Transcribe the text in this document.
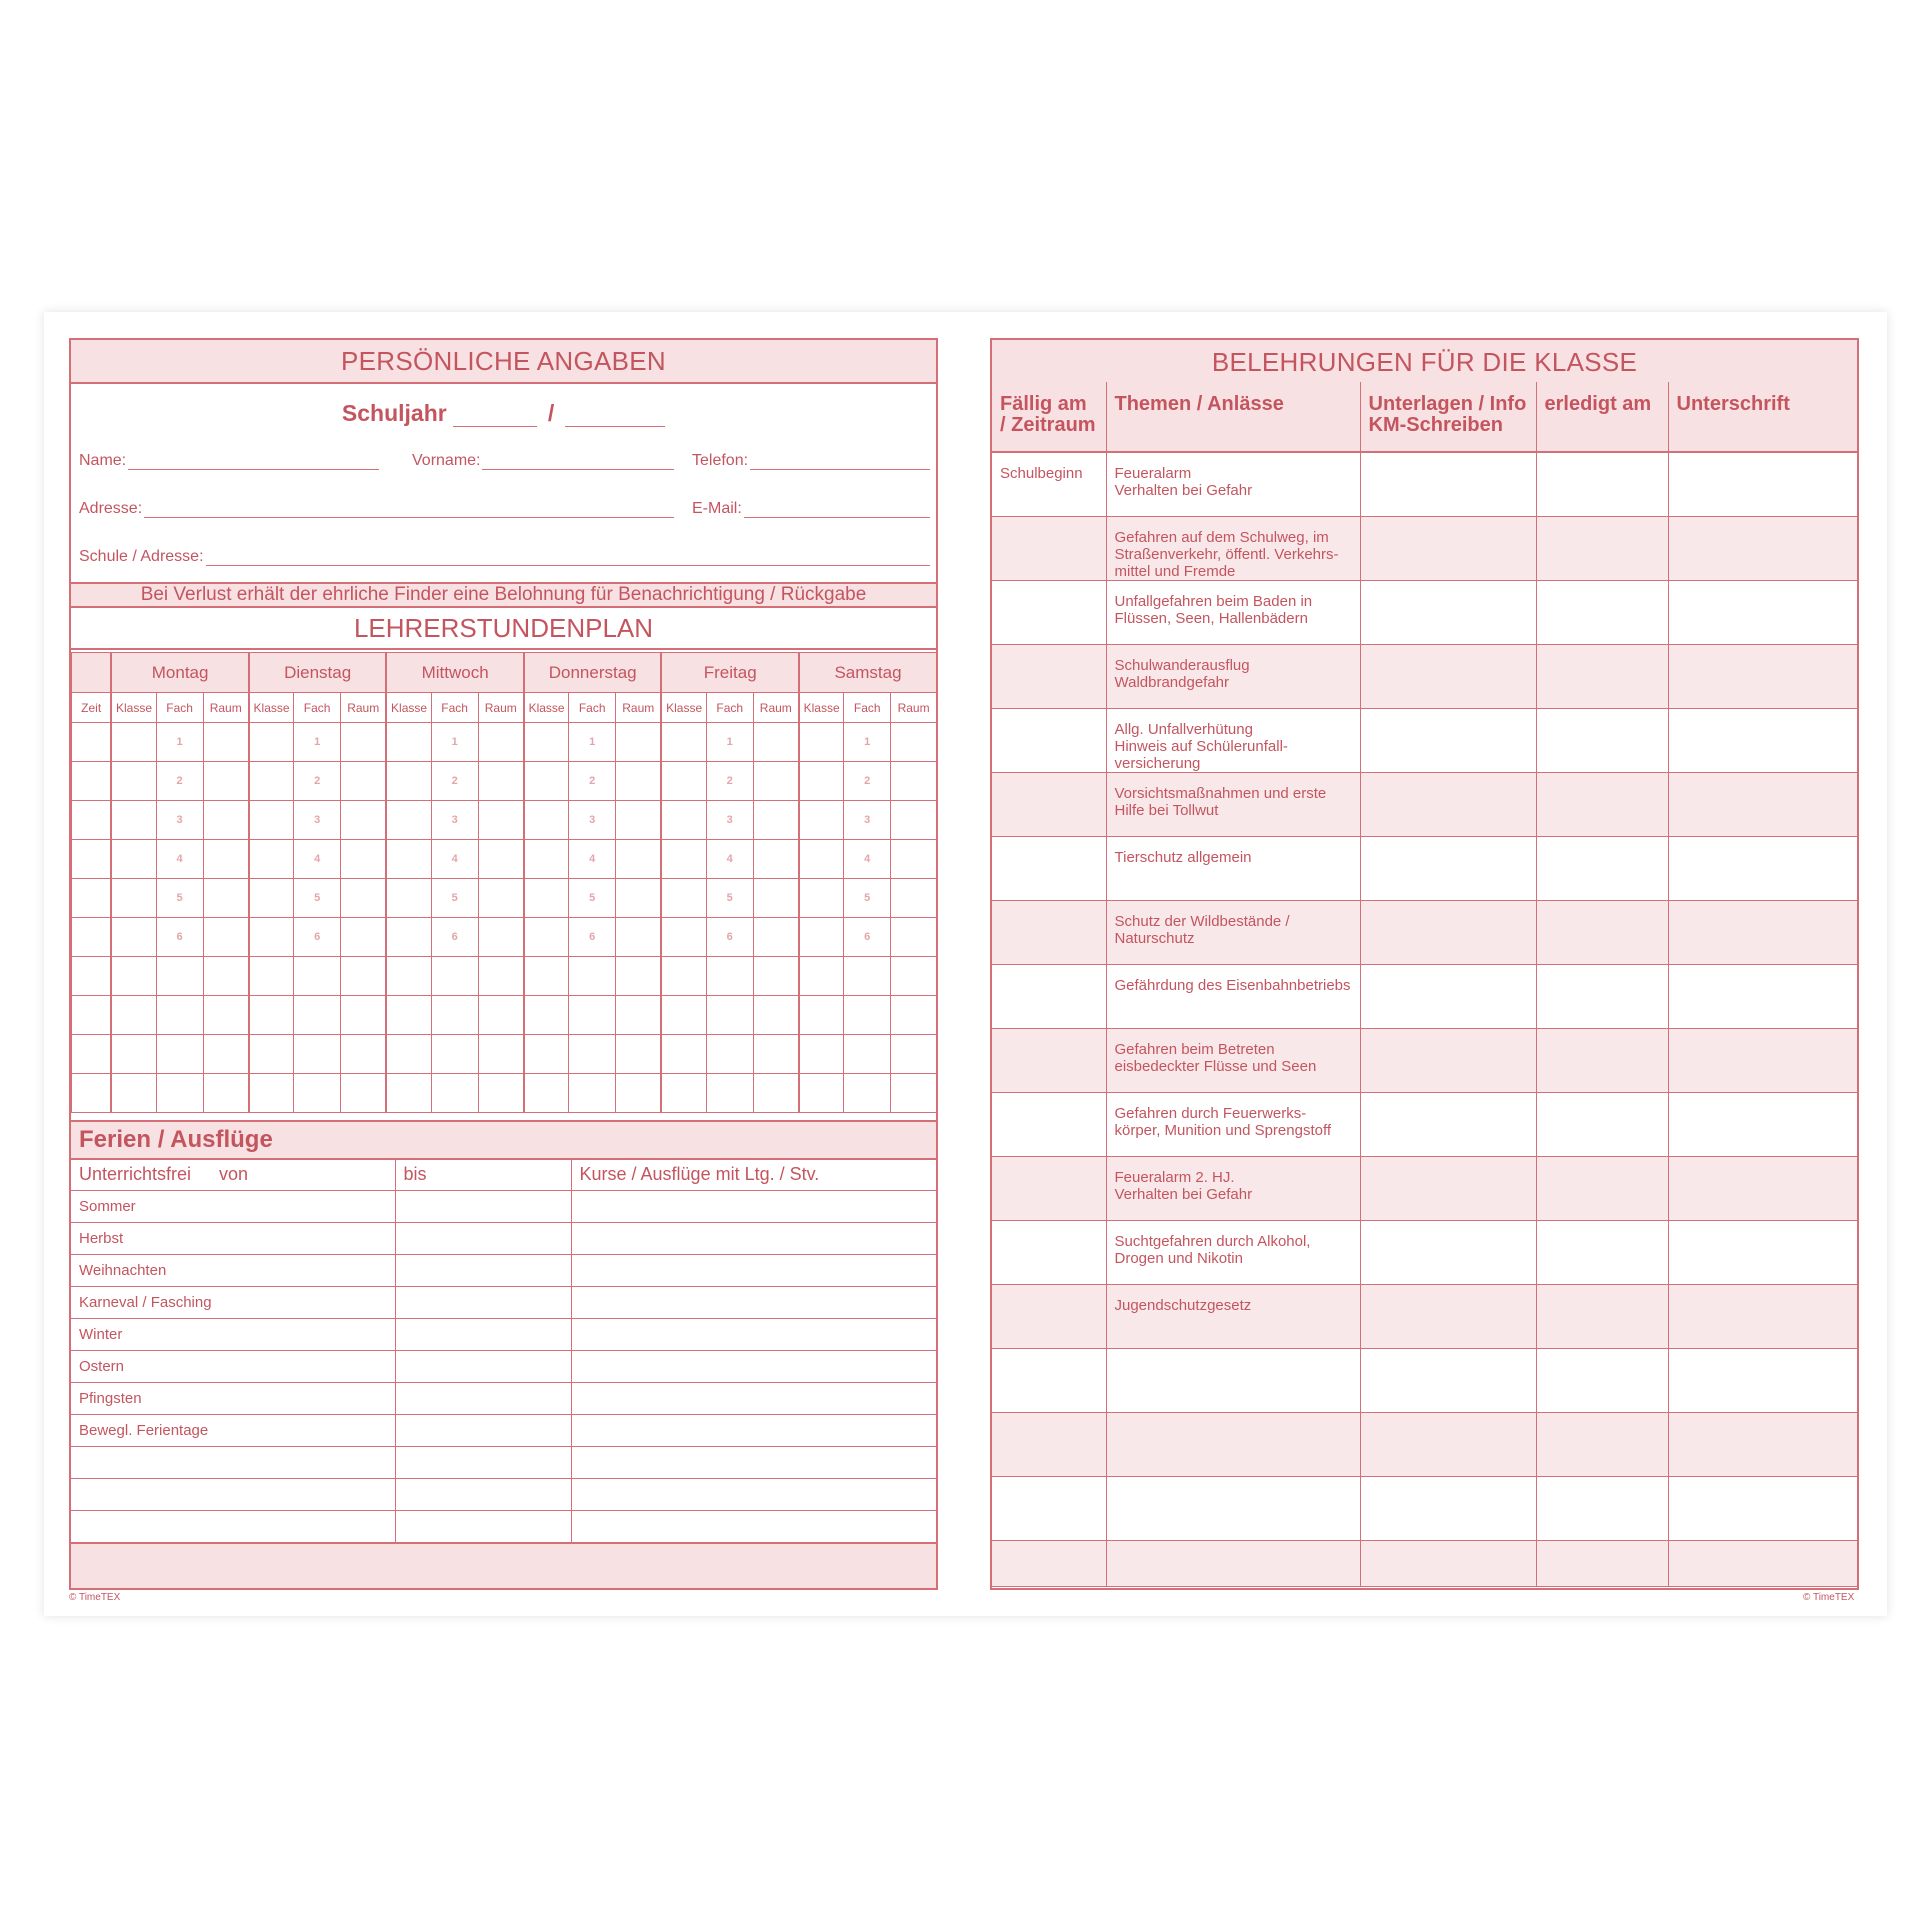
PERSÖNLICHE ANGABEN
Schuljahr	/
Name:	Vorname:	Telefon:
Adresse:	E-Mail:
Schule / Adresse:
Bei Verlust erhält der ehrliche Finder eine Belohnung für Benachrichtigung / Rückgabe
LEHRERSTUNDENPLAN
	Montag			Dienstag			Mittwoch			Donnerstag			Freitag			Samstag		
Zeit	Klasse	Fach	Raum	Klasse	Fach	Raum	Klasse	Fach	Raum	Klasse	Fach	Raum	Klasse	Fach	Raum	Klasse	Fach	Raum
		1			1			1			1			1			1	
		2			2			2			2			2			2	
		3			3			3			3			3			3	
		4			4			4			4			4			4	
		5			5			5			5			5			5	
		6			6			6			6			6			6	

Ferien / Ausflüge
Unterrichtsfrei von	bis	Kurse / Ausflüge mit Ltg. / Stv.
Sommer		
Herbst		
Weihnachten		
Karneval / Fasching		
Winter		
Ostern		
Pfingsten		
Bewegl. Ferientage		

BELEHRUNGEN FÜR DIE KLASSE
Fällig am / Zeitraum	Themen / Anlässe	Unterlagen / Info KM-Schreiben	erledigt am	Unterschrift
Schulbeginn	Feueralarm
Verhalten bei Gefahr			
	Gefahren auf dem Schulweg, im Straßenverkehr, öffentl. Verkehrs-
mittel und Fremde			
	Unfallgefahren beim Baden in Flüssen, Seen, Hallenbädern			
	Schulwanderausflug
Waldbrandgefahr			
	Allg. Unfallverhütung
Hinweis auf Schülerunfall-
versicherung			
	Vorsichtsmaßnahmen und erste Hilfe bei Tollwut			
	Tierschutz allgemein			
	Schutz der Wildbestände / Naturschutz			
	Gefährdung des Eisenbahnbetriebs			
	Gefahren beim Betreten eisbedeckter Flüsse und Seen			
	Gefahren durch Feuerwerks-
körper, Munition und Sprengstoff			
	Feueralarm 2. HJ.
Verhalten bei Gefahr			
	Suchtgefahren durch Alkohol, Drogen und Nikotin			
	Jugendschutzgesetz			

© TimeTEX	© TimeTEX
